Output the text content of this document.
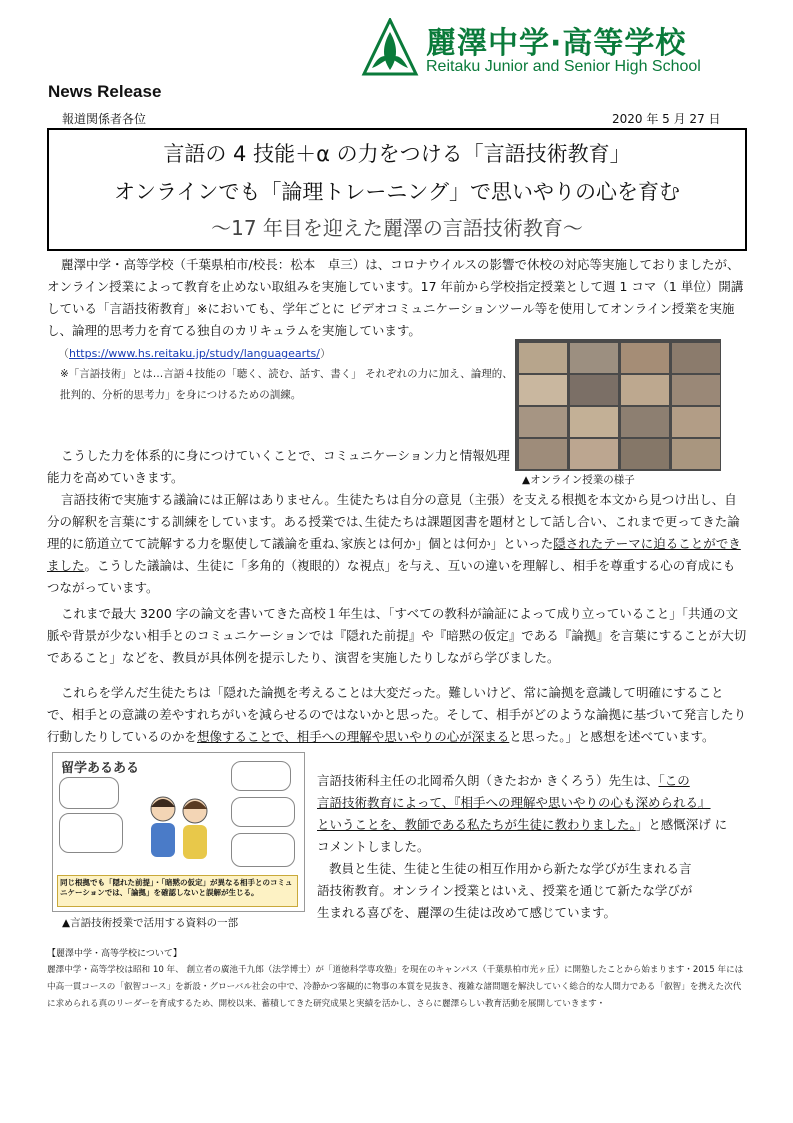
麗澤中学·高等学校
Reitaku Junior and Senior High School
News Release
報道関係者各位	2020 年 5 月 27 日
言語の 4 技能＋α の力をつける「言語技術教育」
オンラインでも「論理トレーニング」で思いやりの心を育む
～17 年目を迎えた麗澤の言語技術教育～
麗澤中学・高等学校（千葉県柏市/校長：松本　卓三）は、コロナウイルスの影響で休校の対応等実施しておりましたが、オンライン授業によって教育を止めない取組みを実施しています。17 年前から学校指定授業として週 1 コマ（1 単位）開講している「言語技術教育」※においても、学年ごとに ビデオコミュニケーションツール等を使用してオンライン授業を実施し、論理的思考力を育てる独自のカリキュラムを実施しています。
（https://www.hs.reitaku.jp/study/languagearts/）
※「言語技術」とは…言語４技能の「聴く、読む、話す、書く」 それぞれの力に加え、論理的、批判的、分析的思考力」を身につけるための訓練。
▲オンライン授業の様子
こうした力を体系的に身につけていくことで、コミュニケーション力と情報処理能力を高めていきます。
言語技術で実施する議論には正解はありません。生徒たちは自分の意見（主張）を支える根拠を本文から見つけ出し、自分の解釈を言葉にする訓練をしています。ある授業では､生徒たちは課題図書を題材として話し合い、これまで更ってきた論理的に筋道立てて読解する力を駆使して議論を重ね､家族とは何か」個とは何か」といった隠されたテーマに迫ることができました。こうした議論は、生徒に「多角的（複眼的）な視点」を与え、互いの違いを理解し、相手を尊重する心の育成にもつながっています。
これまで最大 3200 字の論文を書いてきた高校１年生は、｢すべての教科が論証によって成り立っていること｣「共通の文脈や背景が少ない相手とのコミュニケーションでは『隠れた前提』や『暗黙の仮定』である『論拠』を言葉にすることが大切であること」などを、教員が具体例を提示したり、演習を実施したりしながら学びました。
これらを学んだ生徒たちは「隠れた論拠を考えることは大変だった。難しいけど、常に論拠を意識して明確にすることで、相手との意識の差やすれちがいを減らせるのではないかと思った。そして、相手がどのような論拠に基づいて発言したり行動したりしているのかを想像することで、相手への理解や思いやりの心が深まると思った。」と感想を述べています。
留学あるある
同じ根拠でも「隠れた前提」・「暗黙の仮定」が異なる相手とのコミュニケーションでは、「論拠」を確認しないと誤解が生じる。
▲言語技術授業で活用する資料の一部
言語技術科主任の北岡希久朗（きたおか きくろう）先生は、「この
言語技術教育によって、『相手への理解や思いやりの心も深められる』
ということを、教師である私たちが生徒に教わりました。」と感慨深げ に
コメントしました。
教員と生徒、生徒と生徒の相互作用から新たな学びが生まれる言
語技術教育。オンライン授業とはいえ、授業を通じて新たな学びが
生まれる喜びを、麗澤の生徒は改めて感じています。
【麗澤中学・高等学校について】
麗澤中学・高等学校は昭和 10 年、 創立者の廣池千九郎（法学博士）が「道徳科学専攻塾」を現在のキャンパス（千葉県柏市光ヶ丘）に開塾したことから始まります・2015 年には中高一貫コースの「叡智コース」を新設・グローバル社会の中で、冷静かつ客観的に物事の本質を見抜き、複雑な諸問題を解決していく総合的な人間力である「叡智」を携えた次代に求められる真のリーダーを育成するため、開校以来、蓄積してきた研究成果と実績を活かし、さらに麗澤らしい教育活動を展開していきます・
